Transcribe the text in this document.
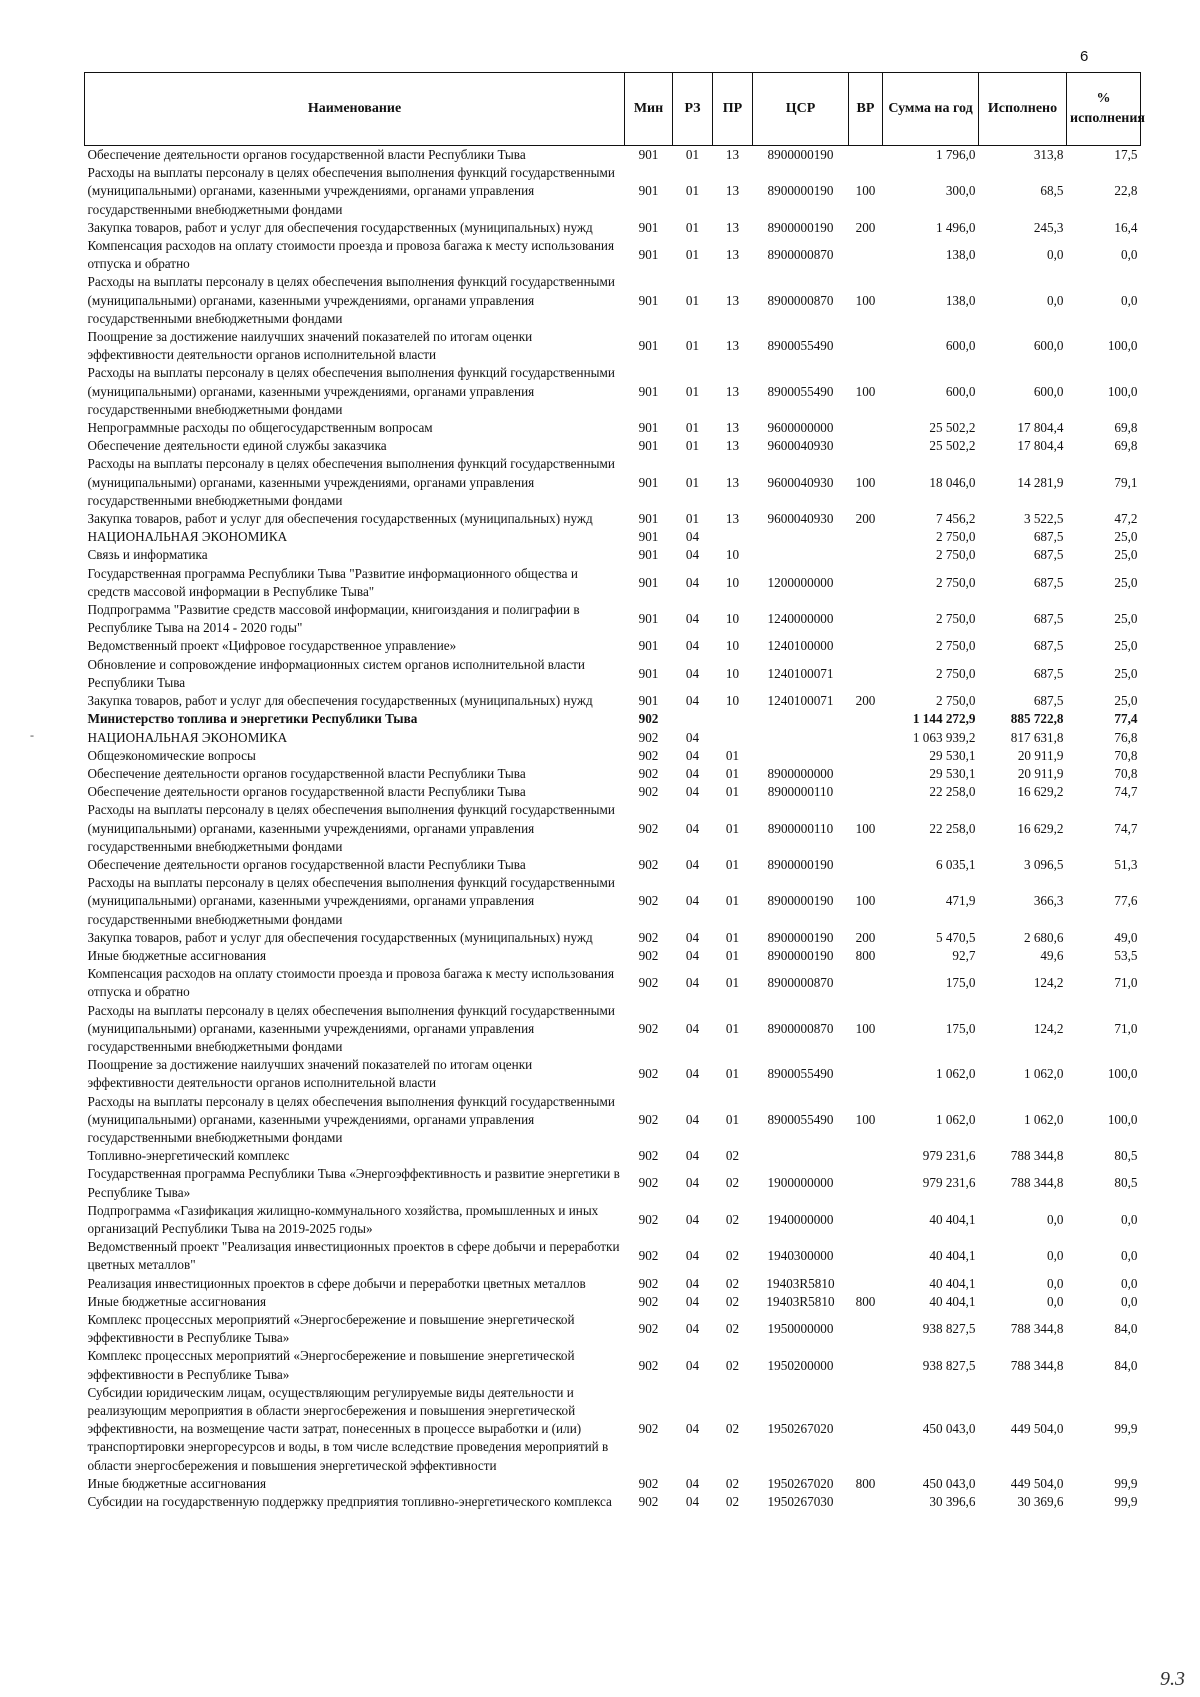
6
-
Наименование	Мин	РЗ	ПР	ЦСР	ВР	Сумма на год	Исполнено	% исполнения
Обеспечение деятельности органов государственной власти Республики Тыва	901	01	13	8900000190		1 796,0	313,8	17,5
Расходы на выплаты персоналу в целях обеспечения выполнения функций государственными (муниципальными) органами, казенными учреждениями, органами управления государственными внебюджетными фондами	901	01	13	8900000190	100	300,0	68,5	22,8
Закупка товаров, работ и услуг для обеспечения государственных (муниципальных) нужд	901	01	13	8900000190	200	1 496,0	245,3	16,4
Компенсация расходов на оплату стоимости проезда и провоза багажа к месту использования отпуска и обратно	901	01	13	8900000870		138,0	0,0	0,0
Расходы на выплаты персоналу в целях обеспечения выполнения функций государственными (муниципальными) органами, казенными учреждениями, органами управления государственными внебюджетными фондами	901	01	13	8900000870	100	138,0	0,0	0,0
Поощрение за достижение наилучших значений показателей по итогам оценки эффективности деятельности органов исполнительной власти	901	01	13	8900055490		600,0	600,0	100,0
Расходы на выплаты персоналу в целях обеспечения выполнения функций государственными (муниципальными) органами, казенными учреждениями, органами управления государственными внебюджетными фондами	901	01	13	8900055490	100	600,0	600,0	100,0
Непрограммные расходы по общегосударственным вопросам	901	01	13	9600000000		25 502,2	17 804,4	69,8
Обеспечение деятельности единой службы заказчика	901	01	13	9600040930		25 502,2	17 804,4	69,8
Расходы на выплаты персоналу в целях обеспечения выполнения функций государственными (муниципальными) органами, казенными учреждениями, органами управления государственными внебюджетными фондами	901	01	13	9600040930	100	18 046,0	14 281,9	79,1
Закупка товаров, работ и услуг для обеспечения государственных (муниципальных) нужд	901	01	13	9600040930	200	7 456,2	3 522,5	47,2
НАЦИОНАЛЬНАЯ ЭКОНОМИКА	901	04				2 750,0	687,5	25,0
Связь и информатика	901	04	10			2 750,0	687,5	25,0
Государственная программа Республики Тыва "Развитие информационного общества и средств массовой информации в Республике Тыва"	901	04	10	1200000000		2 750,0	687,5	25,0
Подпрограмма "Развитие средств массовой информации, книгоиздания и полиграфии в Республике Тыва на 2014 - 2020 годы"	901	04	10	1240000000		2 750,0	687,5	25,0
Ведомственный проект «Цифровое государственное управление»	901	04	10	1240100000		2 750,0	687,5	25,0
Обновление и сопровождение информационных систем органов исполнительной власти Республики Тыва	901	04	10	1240100071		2 750,0	687,5	25,0
Закупка товаров, работ и услуг для обеспечения государственных (муниципальных) нужд	901	04	10	1240100071	200	2 750,0	687,5	25,0
Министерство топлива и энергетики Республики Тыва	902					1 144 272,9	885 722,8	77,4
НАЦИОНАЛЬНАЯ ЭКОНОМИКА	902	04				1 063 939,2	817 631,8	76,8
Общеэкономические вопросы	902	04	01			29 530,1	20 911,9	70,8
Обеспечение деятельности органов государственной власти Республики Тыва	902	04	01	8900000000		29 530,1	20 911,9	70,8
Обеспечение деятельности органов государственной власти Республики Тыва	902	04	01	8900000110		22 258,0	16 629,2	74,7
Расходы на выплаты персоналу в целях обеспечения выполнения функций государственными (муниципальными) органами, казенными учреждениями, органами управления государственными внебюджетными фондами	902	04	01	8900000110	100	22 258,0	16 629,2	74,7
Обеспечение деятельности органов государственной власти Республики Тыва	902	04	01	8900000190		6 035,1	3 096,5	51,3
Расходы на выплаты персоналу в целях обеспечения выполнения функций государственными (муниципальными) органами, казенными учреждениями, органами управления государственными внебюджетными фондами	902	04	01	8900000190	100	471,9	366,3	77,6
Закупка товаров, работ и услуг для обеспечения государственных (муниципальных) нужд	902	04	01	8900000190	200	5 470,5	2 680,6	49,0
Иные бюджетные ассигнования	902	04	01	8900000190	800	92,7	49,6	53,5
Компенсация расходов на оплату стоимости проезда и провоза багажа к месту использования отпуска и обратно	902	04	01	8900000870		175,0	124,2	71,0
Расходы на выплаты персоналу в целях обеспечения выполнения функций государственными (муниципальными) органами, казенными учреждениями, органами управления государственными внебюджетными фондами	902	04	01	8900000870	100	175,0	124,2	71,0
Поощрение за достижение наилучших значений показателей по итогам оценки эффективности деятельности органов исполнительной власти	902	04	01	8900055490		1 062,0	1 062,0	100,0
Расходы на выплаты персоналу в целях обеспечения выполнения функций государственными (муниципальными) органами, казенными учреждениями, органами управления государственными внебюджетными фондами	902	04	01	8900055490	100	1 062,0	1 062,0	100,0
Топливно-энергетический комплекс	902	04	02			979 231,6	788 344,8	80,5
Государственная программа Республики Тыва «Энергоэффективность и развитие энергетики в Республике Тыва»	902	04	02	1900000000		979 231,6	788 344,8	80,5
Подпрограмма «Газификация жилищно-коммунального хозяйства, промышленных и иных организаций Республики Тыва на 2019-2025 годы»	902	04	02	1940000000		40 404,1	0,0	0,0
Ведомственный проект "Реализация инвестиционных проектов в сфере добычи и переработки цветных металлов"	902	04	02	1940300000		40 404,1	0,0	0,0
Реализация инвестиционных проектов в сфере добычи и переработки цветных металлов	902	04	02	19403R5810		40 404,1	0,0	0,0
Иные бюджетные ассигнования	902	04	02	19403R5810	800	40 404,1	0,0	0,0
Комплекс процессных мероприятий «Энергосбережение и повышение энергетической эффективности в Республике Тыва»	902	04	02	1950000000		938 827,5	788 344,8	84,0
Комплекс процессных мероприятий «Энергосбережение и повышение энергетической эффективности в Республике Тыва»	902	04	02	1950200000		938 827,5	788 344,8	84,0
Субсидии юридическим лицам, осуществляющим регулируемые виды деятельности и реализующим мероприятия в области энергосбережения и повышения энергетической эффективности, на возмещение части затрат, понесенных в процессе выработки и (или) транспортировки энергоресурсов и воды, в том числе вследствие проведения мероприятий в области энергосбережения и повышения энергетической эффективности	902	04	02	1950267020		450 043,0	449 504,0	99,9
Иные бюджетные ассигнования	902	04	02	1950267020	800	450 043,0	449 504,0	99,9
Субсидии на государственную поддержку предприятия топливно-энергетического комплекса	902	04	02	1950267030		30 396,6	30 369,6	99,9
9.3
